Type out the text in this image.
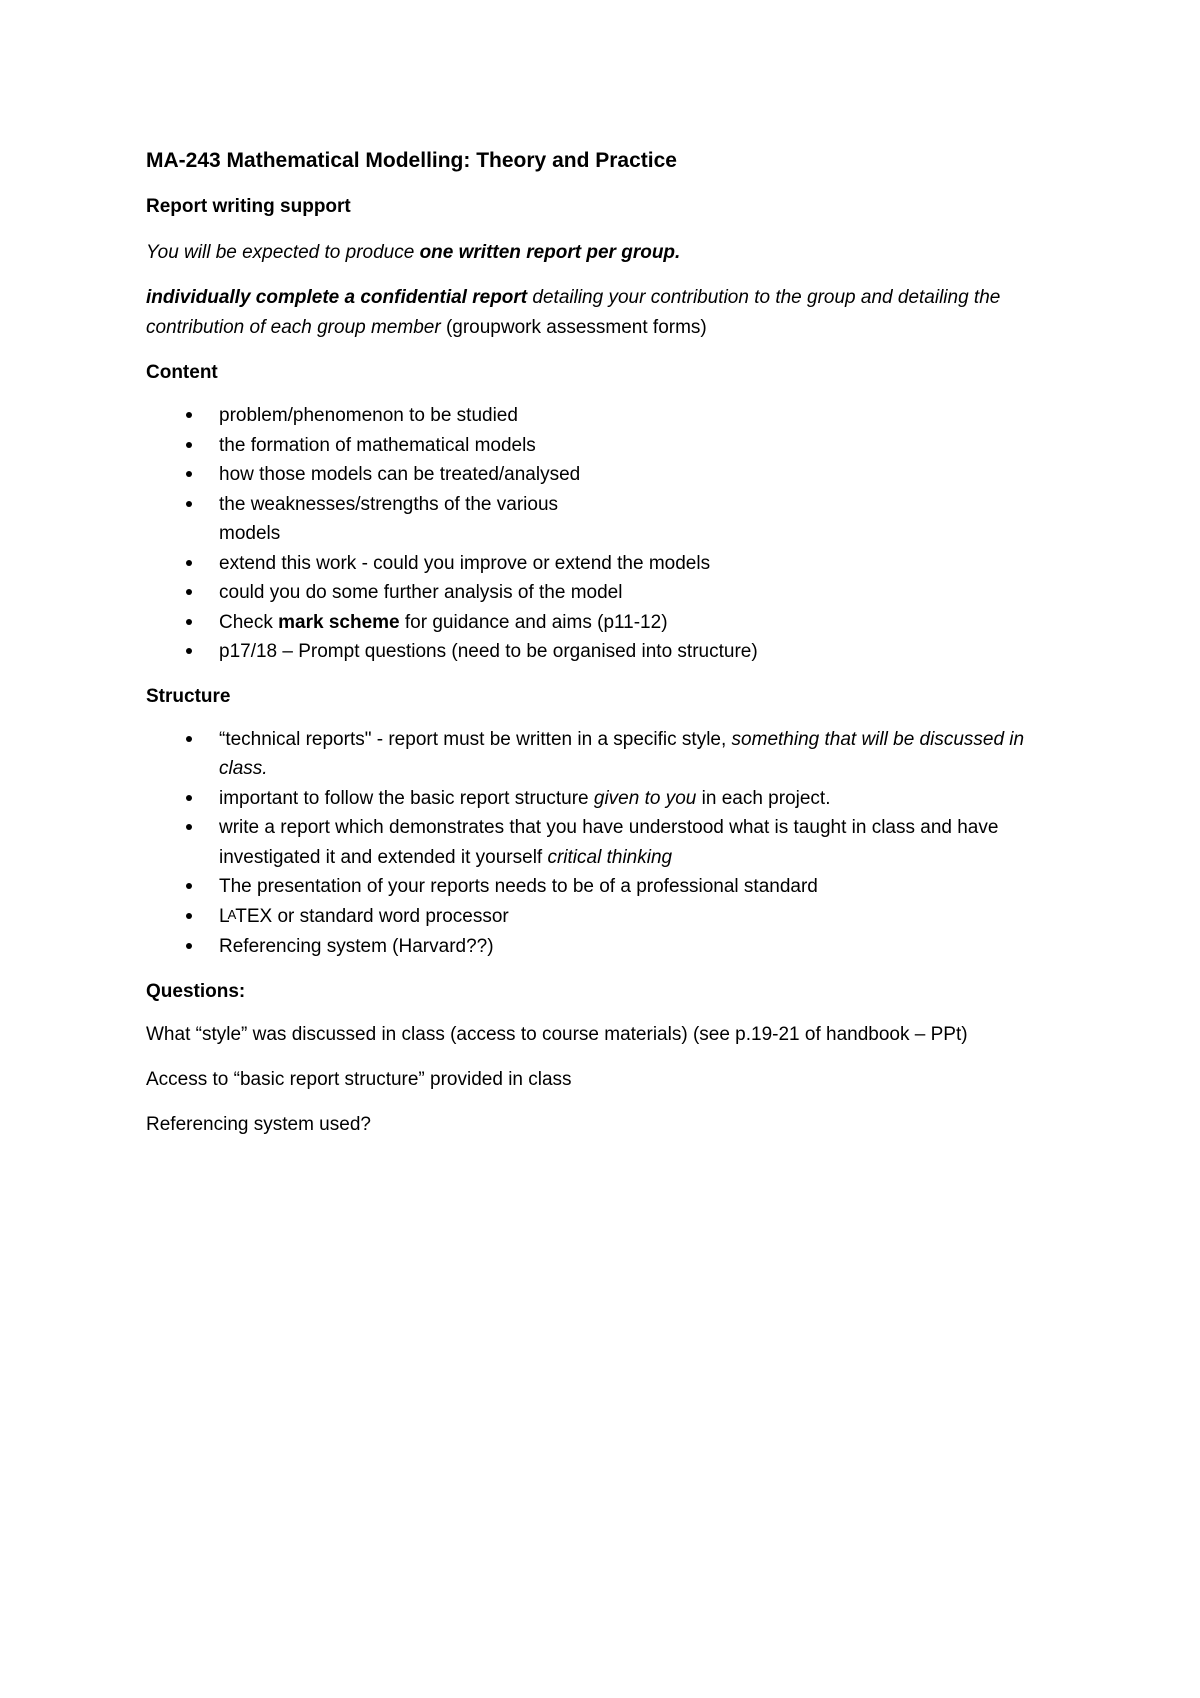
MA-243 Mathematical Modelling: Theory and Practice
Report writing support

You will be expected to produce one written report per group.

individually complete a confidential report detailing your contribution to the group and detailing the contribution of each group member (groupwork assessment forms)

Content
problem/phenomenon to be studied
the formation of mathematical models
how those models can be treated/analysed
the weaknesses/strengths of the various
models
extend this work - could you improve or extend the models
could you do some further analysis of the model
Check mark scheme for guidance and aims (p11-12)
p17/18 – Prompt questions (need to be organised into structure)
Structure
“technical reports" - report must be written in a specific style, something that will be discussed in class.
important to follow the basic report structure given to you in each project.
write a report which demonstrates that you have understood what is taught in class and have investigated it and extended it yourself critical thinking
The presentation of your reports needs to be of a professional standard
LATEX or standard word processor
Referencing system (Harvard??)
Questions:

What “style” was discussed in class (access to course materials) (see p.19-21 of handbook – PPt)

Access to “basic report structure” provided in class

Referencing system used?
